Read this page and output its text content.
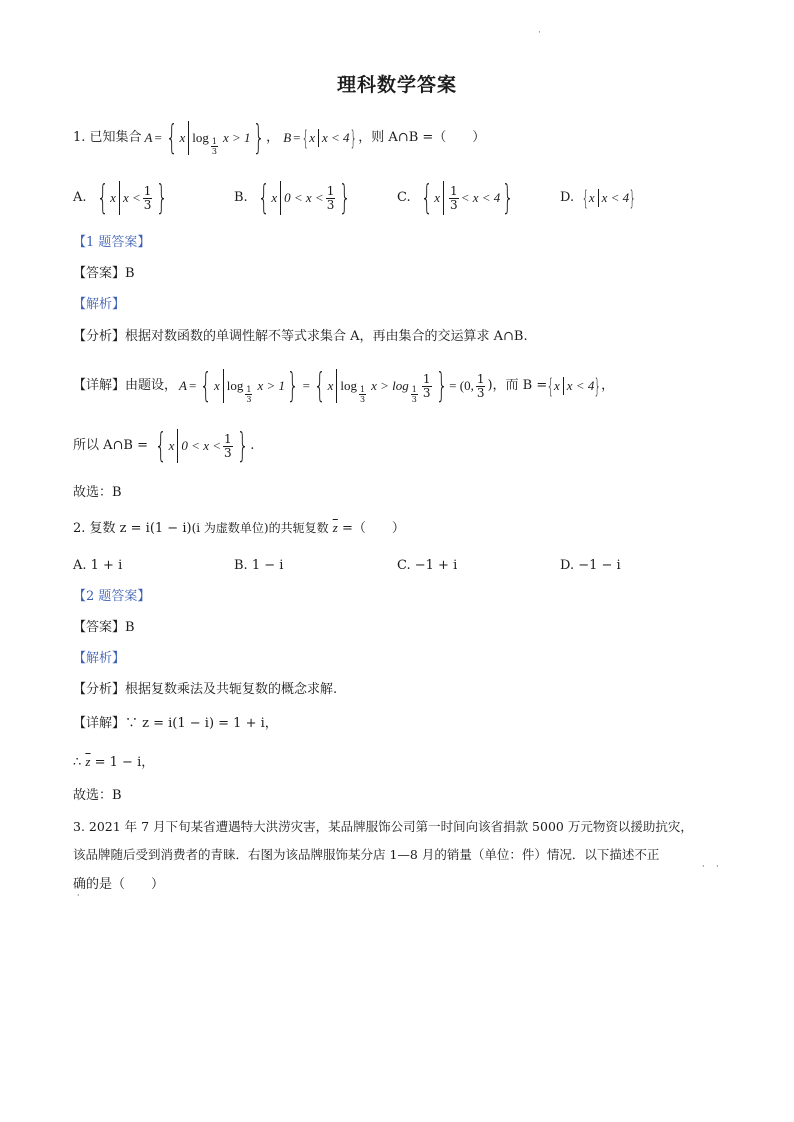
·
理科数学答案
1. 已知集合 A = { x $\log \frac{1}{3}$ x > 1 } ， B = { x x < 4 } ，则 A∩B =（　　）
A. { x $x < \frac{1}{3}$ }	B. { x $0 < x < \frac{1}{3}$ }	C. { x $\frac{1}{3} < x < 4$ }	D. { x x < 4 }
【1 题答案】
【答案】B
【解析】
【分析】根据对数函数的单调性解不等式求集合 A，再由集合的交运算求 A∩B.
【详解】由题设， A = { x $\log \frac{1}{3}$ x > 1 } = { x $\log \frac{1}{3}$ $x > \log \frac{1}{3} \frac{1}{3}$ } = (0, $\frac{1}{3}$ )，而 B = { x x < 4 } ，
所以 A∩B = { x $0 < x < \frac{1}{3}$ } .
故选：B
2. 复数 z = i(1 − i)(i 为虚数单位)的共轭复数 $\overline{z}$ =（　　）
A. 1 + i	B. 1 − i	C. −1 + i	D. −1 − i
【2 题答案】
【答案】B
【解析】
【分析】根据复数乘法及共轭复数的概念求解.
【详解】∵ z = i(1 − i) = 1 + i，
∴ $\overline{z} = 1 - i$，
故选：B
3. 2021 年 7 月下旬某省遭遇特大洪涝灾害，某品牌服饰公司第一时间向该省捐款 5000 万元物资以援助抗灾，
该品牌随后受到消费者的青睐．右图为该品牌服饰某分店 1—8 月的销量（单位：件）情况．以下描述不正
确的是（　　）
· ·
·
